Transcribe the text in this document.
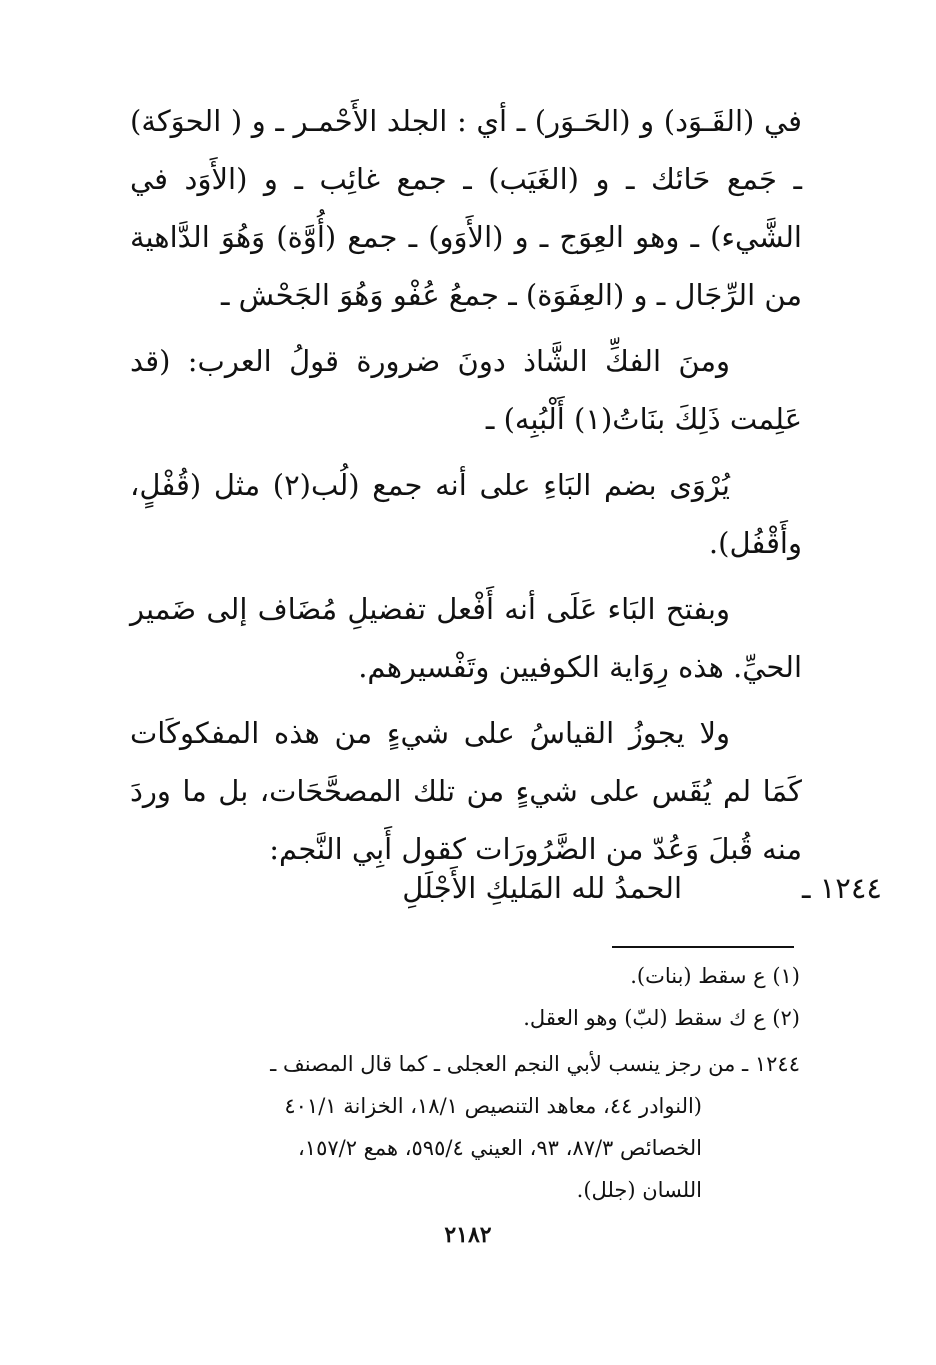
في (القَـوَد) و (الحَـوَر) ـ أي : الجلد الأَحْمـر ـ و ( الحوَكة) ـ جَمع حَائك ـ و (الغَيَب) ـ جمع غائِب ـ و (الأَوَد في الشَّيء) ـ وهو العِوَج ـ و (الأَوَو) ـ جمع (أُوَّة) وَهُوَ الدَّاهية من الرِّجَال ـ و (العِفَوَة) ـ جمعُ عُفْو وَهُوَ الجَحْش ـ

ومنَ الفكِّ الشَّاذ دونَ ضرورة قولُ العرب: (قد عَلِمت ذَلِكَ بنَاتُ(١) أَلْبُبِه) ـ

يُرْوَى بضم البَاءِ على أنه جمع (لُب(٢) مثل (قُفْلٍ، وأَقْفُل).

وبفتح البَاء عَلَى أنه أَفْعل تفضيلِ مُضَاف إلى ضَمير الحيِّ. هذه رِوَاية الكوفيين وتَفْسيرهم.

ولا يجوزُ القياسُ على شيءٍ من هذه المفكوكَات كَمَا لم يُقَس على شيءٍ من تلك المصحَّحَات، بل ما وردَ منه قُبلَ وَعُدّ من الضَّرُورَات كقول أَبِي النَّجم:

١٢٤٤ ـ
الحمدُ لله المَليكِ الأَجْلَلِ
(١) ع سقط (بنات).
(٢) ع ك سقط (لبّ) وهو العقل.
١٢٤٤ ـ من رجز ينسب لأبي النجم العجلى ـ كما قال المصنف ـ
(النوادر ٤٤، معاهد التنصيص ١٨/١، الخزانة ٤٠١/١
الخصائص ٨٧/٣، ٩٣، العيني ٥٩٥/٤، همع ١٥٧/٢،
اللسان (جلل).
٢١٨٢
